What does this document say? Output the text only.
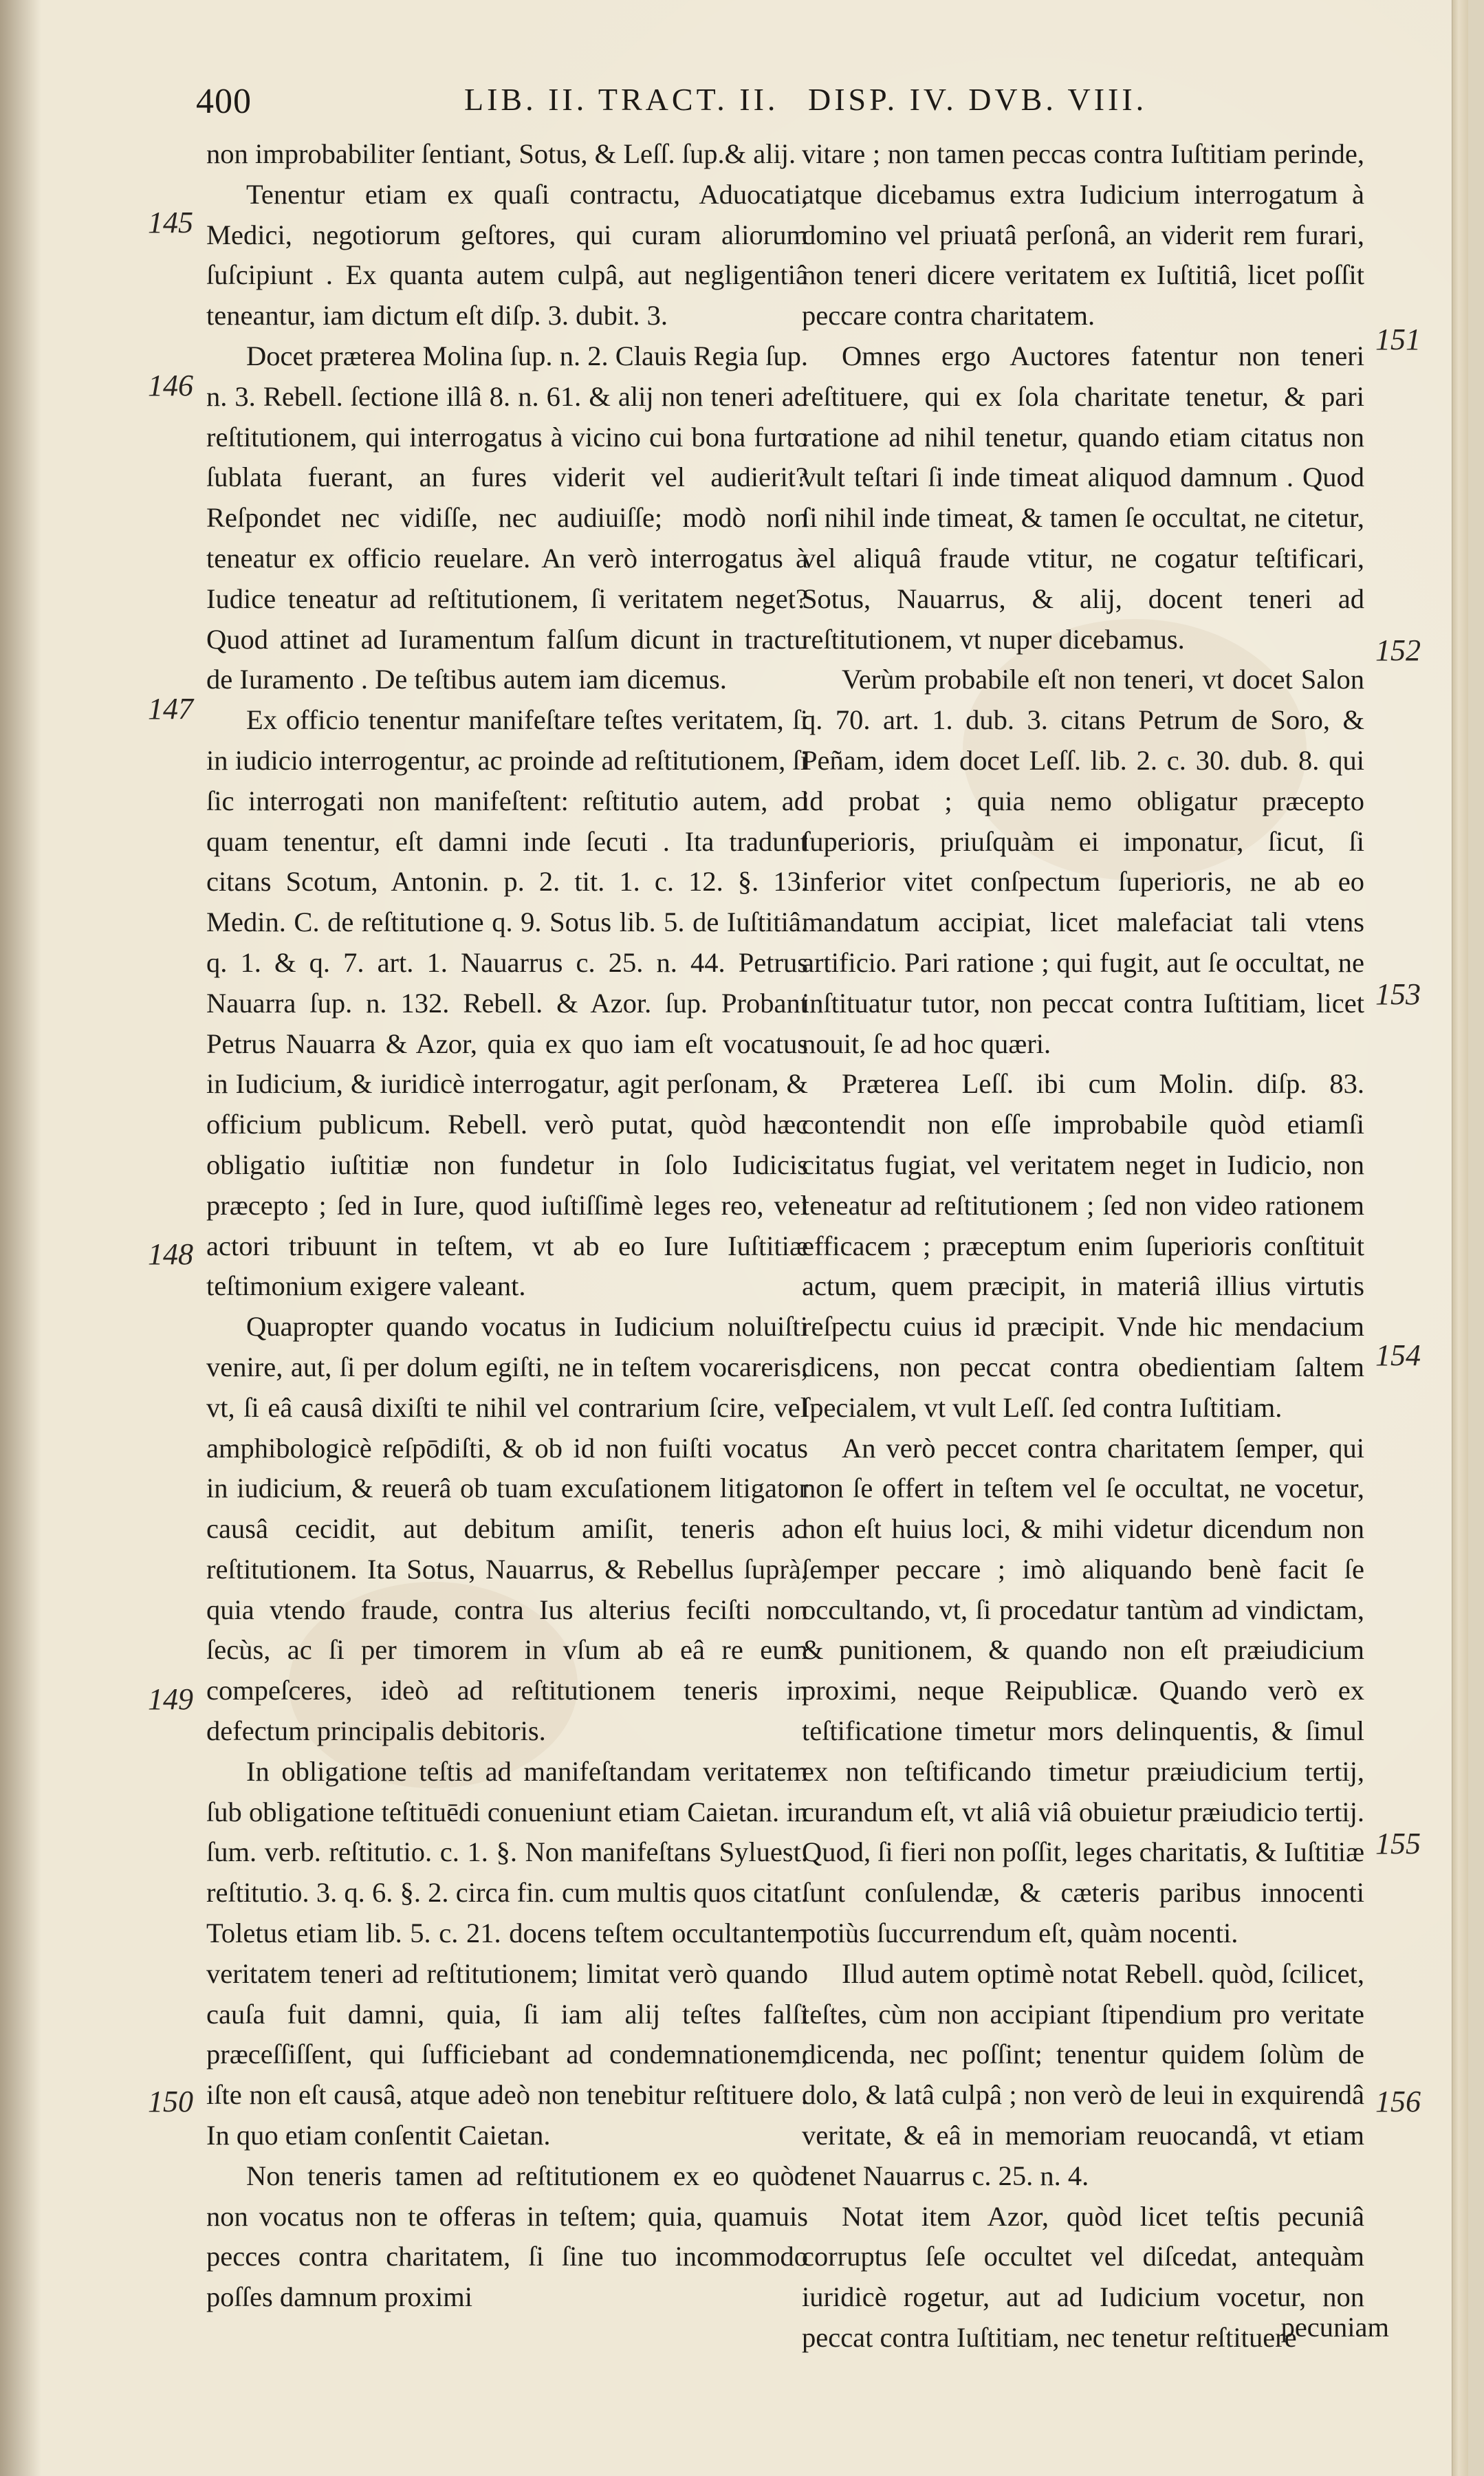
400	LIB. II. TRACT. II. DISP. IV. DVB. VIII.

non improbabiliter ſentiant, Sotus, & Leſſ. ſup.& alij.

Tenentur etiam ex quaſi contractu, Aduocati, Medici, negotiorum geſtores, qui curam aliorum ſuſcipiunt . Ex quanta autem culpâ, aut negligentiâ teneantur, iam dictum eſt diſp. 3. dubit. 3.

Docet præterea Molina ſup. n. 2. Clauis Regia ſup. n. 3. Rebell. ſectione illâ 8. n. 61. & alij non teneri ad reſtitutionem, qui interrogatus à vicino cui bona furto ſublata fuerant, an fures viderit vel audierit? Reſpondet nec vidiſſe, nec audiuiſſe; modò non teneatur ex officio reuelare. An verò interrogatus à Iudice teneatur ad reſtitutionem, ſi veritatem neget? Quod attinet ad Iuramentum falſum dicunt in tractu de Iuramento . De teſtibus autem iam dicemus.

Ex officio tenentur manifeſtare teſtes veritatem, ſi in iudicio interrogentur, ac proinde ad reſtitutionem, ſi ſic interrogati non manifeſtent: reſtitutio autem, ad quam tenentur, eſt damni inde ſecuti . Ita tradunt citans Scotum, Antonin. p. 2. tit. 1. c. 12. §. 13. Medin. C. de reſtitutione q. 9. Sotus lib. 5. de Iuſtitiâ. q. 1. & q. 7. art. 1. Nauarrus c. 25. n. 44. Petrus Nauarra ſup. n. 132. Rebell. & Azor. ſup. Probant Petrus Nauarra & Azor, quia ex quo iam eſt vocatus in Iudicium, & iuridicè interrogatur, agit perſonam, & officium publicum. Rebell. verò putat, quòd hæc obligatio iuſtitiæ non fundetur in ſolo Iudicis præcepto ; ſed in Iure, quod iuſtiſſimè leges reo, vel actori tribuunt in teſtem, vt ab eo Iure Iuſtitiæ teſtimonium exigere valeant.

Quapropter quando vocatus in Iudicium noluiſti venire, aut, ſi per dolum egiſti, ne in teſtem vocareris, vt, ſi eâ causâ dixiſti te nihil vel contrarium ſcire, vel amphibologicè reſpōdiſti, & ob id non fuiſti vocatus in iudicium, & reuerâ ob tuam excuſationem litigator causâ cecidit, aut debitum amiſit, teneris ad reſtitutionem. Ita Sotus, Nauarrus, & Rebellus ſuprà, quia vtendo fraude, contra Ius alterius feciſti non ſecùs, ac ſi per timorem in vſum ab eâ re eum compeſceres, ideò ad reſtitutionem teneris in defectum principalis debitoris.

In obligatione teſtis ad manifeſtandam veritatem ſub obligatione teſtituēdi conueniunt etiam Caietan. in ſum. verb. reſtitutio. c. 1. §. Non manifeſtans Syluest. reſtitutio. 3. q. 6. §. 2. circa fin. cum multis quos citat. Toletus etiam lib. 5. c. 21. docens teſtem occultantem veritatem teneri ad reſtitutionem; limitat verò quando cauſa fuit damni, quia, ſi iam alij teſtes falſi præceſſiſſent, qui ſufficiebant ad condemnationem, iſte non eſt causâ, atque adeò non tenebitur reſtituere . In quo etiam conſentit Caietan.

Non teneris tamen ad reſtitutionem ex eo quòd non vocatus non te offeras in teſtem; quia, quamuis pecces contra charitatem, ſi ſine tuo incommodo poſſes damnum proximi

vitare ; non tamen peccas contra Iuſtitiam perinde, atque dicebamus extra Iudicium interrogatum à domino vel priuatâ perſonâ, an viderit rem furari, non teneri dicere veritatem ex Iuſtitiâ, licet poſſit peccare contra charitatem.

Omnes ergo Auctores fatentur non teneri reſtituere, qui ex ſola charitate tenetur, & pari ratione ad nihil tenetur, quando etiam citatus non vult teſtari ſi inde timeat aliquod damnum . Quod ſi nihil inde timeat, & tamen ſe occultat, ne citetur, vel aliquâ fraude vtitur, ne cogatur teſtificari, Sotus, Nauarrus, & alij, docent teneri ad reſtitutionem, vt nuper dicebamus.

Verùm probabile eſt non teneri, vt docet Salon q. 70. art. 1. dub. 3. citans Petrum de Soro, & Peñam, idem docet Leſſ. lib. 2. c. 30. dub. 8. qui id probat ; quia nemo obligatur præcepto ſuperioris, priuſquàm ei imponatur, ſicut, ſi inferior vitet conſpectum ſuperioris, ne ab eo mandatum accipiat, licet malefaciat tali vtens artificio. Pari ratione ; qui fugit, aut ſe occultat, ne inſtituatur tutor, non peccat contra Iuſtitiam, licet nouit, ſe ad hoc quæri.

Præterea Leſſ. ibi cum Molin. diſp. 83. contendit non eſſe improbabile quòd etiamſi citatus fugiat, vel veritatem neget in Iudicio, non teneatur ad reſtitutionem ; ſed non video rationem efficacem ; præceptum enim ſuperioris conſtituit actum, quem præcipit, in materiâ illius virtutis reſpectu cuius id præcipit. Vnde hic mendacium dicens, non peccat contra obedientiam ſaltem ſpecialem, vt vult Leſſ. ſed contra Iuſtitiam.

An verò peccet contra charitatem ſemper, qui non ſe offert in teſtem vel ſe occultat, ne vocetur, non eſt huius loci, & mihi videtur dicendum non ſemper peccare ; imò aliquando benè facit ſe occultando, vt, ſi procedatur tantùm ad vindictam, & punitionem, & quando non eſt præiudicium proximi, neque Reipublicæ. Quando verò ex teſtificatione timetur mors delinquentis, & ſimul ex non teſtificando timetur præiudicium tertij, curandum eſt, vt aliâ viâ obuietur præiudicio tertij. Quod, ſi fieri non poſſit, leges charitatis, & Iuſtitiæ ſunt conſulendæ, & cæteris paribus innocenti potiùs ſuccurrendum eſt, quàm nocenti.

Illud autem optimè notat Rebell. quòd, ſcilicet, teſtes, cùm non accipiant ſtipendium pro veritate dicenda, nec poſſint; tenentur quidem ſolùm de dolo, & latâ culpâ ; non verò de leui in exquirendâ veritate, & eâ in memoriam reuocandâ, vt etiam tenet Nauarrus c. 25. n. 4.

Notat item Azor, quòd licet teſtis pecuniâ corruptus ſeſe occultet vel diſcedat, antequàm iuridicè rogetur, aut ad Iudicium vocetur, non peccat contra Iuſtitiam, nec tenetur reſtituere

145
146
147
148
149
150
151
152
153
154
155
156
pecuniam
